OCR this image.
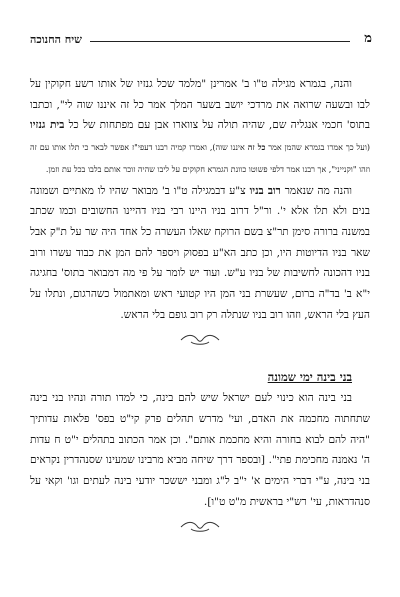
מ
שיח החנוכה

והנה, בגמרא מגילה ט"ו ב' אמרינן "מלמד שכל גנזיו של אותו רשע חקוקין על לבו ובשעה שרואה את מרדכי יושב בשער המלך אמר כל זה איננו שוה לי", וכתבו בתוס' חכמי אנגליה שם, שהיה תולה על צווארו אבן עם מפתחות של כל בית גנזיו (ועל כך אמרו בגמרא שהמן אמר כל זה איננו שוה), ואמרו קמיה רבנו דעפי"ז אפשר לבאר כי תלו אותו עם זה וזהו "וקנייני", אך רבנו אמר דלפי פשוטו כוונת הגמרא חקוקים על ליבו שהיה זוכר אותם בלבו בכל עת וזמן.

והנה מה שנאמר רוב בניו צ"ע דבמגילה ט"ו ב' מבואר שהיו לו מאתיים ושמונה בנים ולא תלו אלא י'. ור"ל דרוב בניו היינו רבי בניו דהיינו החשובים וכמו שכתב במשנה ברורה סימן תר"צ בשם הרוקח שאלו העשרה כל אחד היה שר על ת"ק אבל שאר בניו הדיוטות היו, וכן כתב הא"ע בפסוק ויספר להם המן את כבוד עשרו ורוב בניו דהכונה לחשיבות של בניו ע"ש. ועוד יש לומר על פי מה דמבואר בתוס' בחגיגה י"א ב' בד"ה ברום, שעשרת בני המן היו קטועי ראש ומאתמול כשהרגום, ונתלו על העץ בלי הראש, וזהו רוב בניו שנתלה רק רוב גופם בלי הראש.

בני בינה ימי שמונה

בני בינה הוא כינוי לעם ישראל שיש להם בינה, כי למדו תורה ונהיו בני בינה שתחתוה מחכמה את האדם, ועי' מדרש תהלים פרק קי"ט בפס' פלאות עדותיך "היה להם לבוא בחורה והיא מחכמת אותם". וכן אמר הכתוב בתהלים י"ט ח עדות ה' נאמנה מחכימת פתי". [ובספר דרך שיחה מביא מרבינו שמעינו שסנהדרין נקראים בני בינה, ע"י דברי הימים א' י"ב ל"ג ומבני יששכר יודעי בינה לעתים וגו' וקאי על סנהדראות, עי' רש"י בראשית מ"ט ט"ו].
